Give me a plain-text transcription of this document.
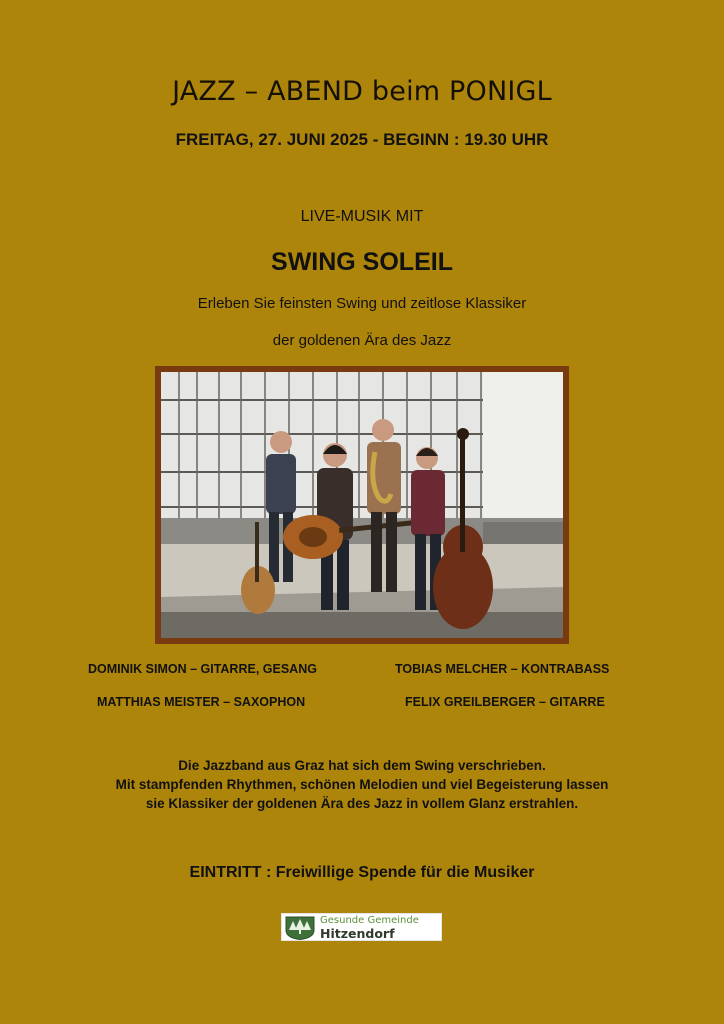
JAZZ – ABEND beim PONIGL
FREITAG, 27. JUNI 2025 - BEGINN : 19.30 UHR
LIVE-MUSIK MIT
SWING SOLEIL
Erleben Sie feinsten Swing und zeitlose Klassiker
der goldenen Ära des Jazz
DOMINIK SIMON – GITARRE, GESANG	TOBIAS MELCHER – KONTRABASS
MATTHIAS MEISTER – SAXOPHON	FELIX GREILBERGER – GITARRE
Die Jazzband aus Graz hat sich dem Swing verschrieben.
Mit stampfenden Rhythmen, schönen Melodien und viel Begeisterung lassen
sie Klassiker der goldenen Ära des Jazz in vollem Glanz erstrahlen.
EINTRITT : Freiwillige Spende für die Musiker
Gesunde Gemeinde
Hitzendorf
